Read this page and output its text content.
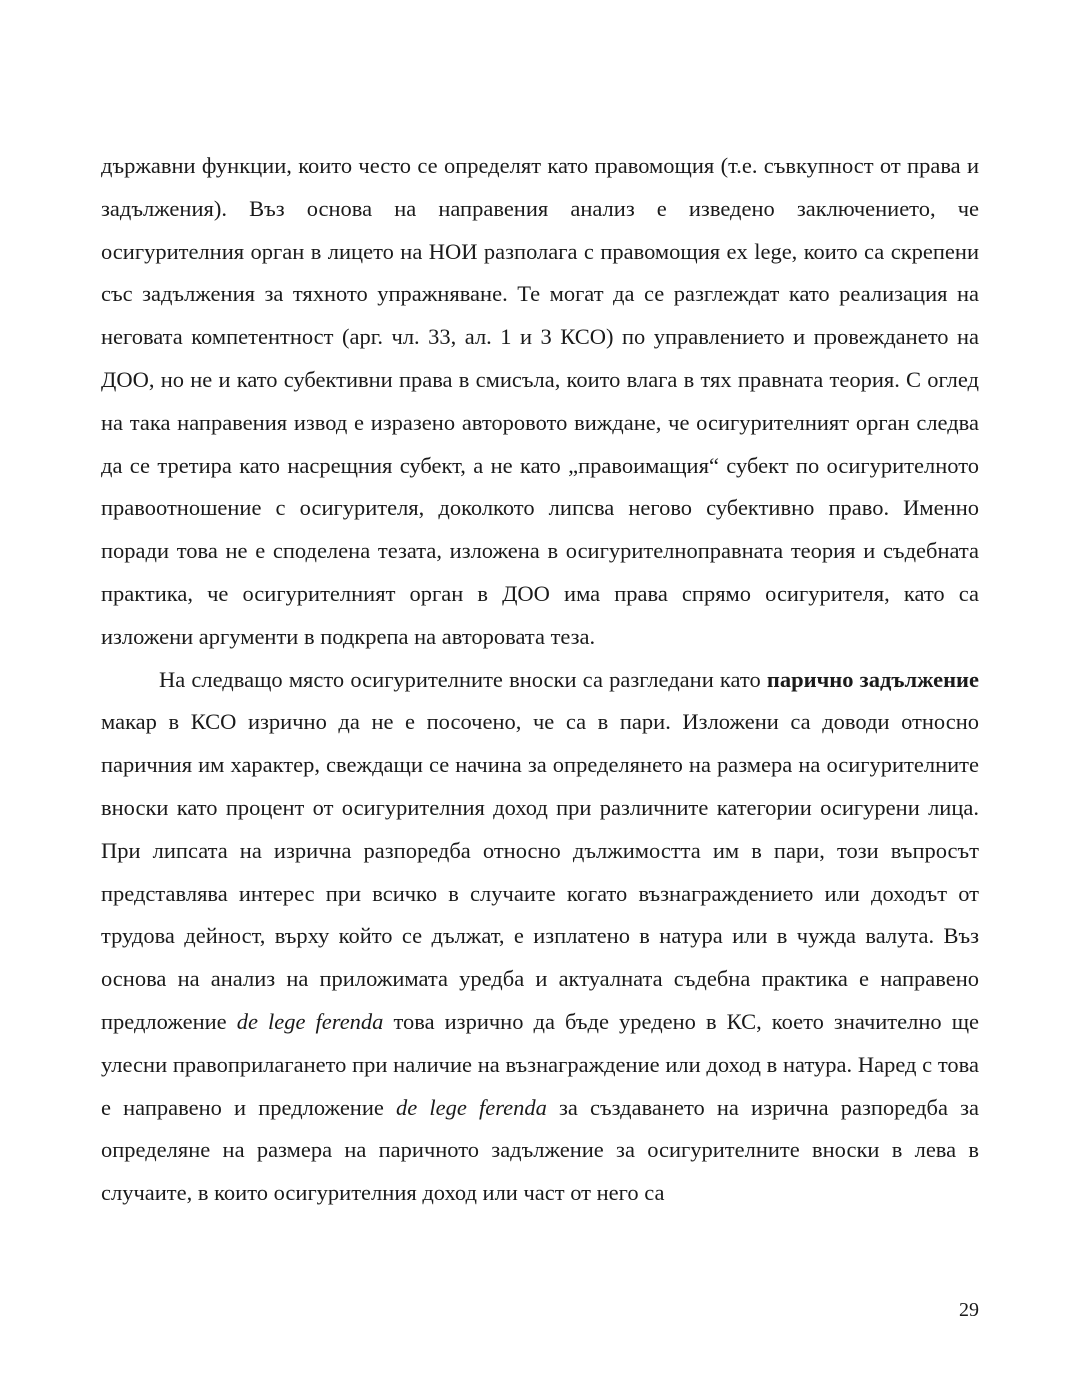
държавни функции, които често се определят като правомощия (т.е. съвкупност от права и задължения). Въз основа на направения анализ е изведено заключението, че осигурителния орган в лицето на НОИ разполага с правомощия ex lege, които са скрепени със задължения за тяхното упражняване. Те могат да се разглеждат като реализация на неговата компетентност (арг. чл. 33, ал. 1 и 3 КСО) по управлението и провеждането на ДОО, но не и като субективни права в смисъла, които влага в тях правната теория. С оглед на така направения извод е изразено авторовото виждане, че осигурителният орган следва да се третира като насрещния субект, а не като „правоимащия“ субект по осигурителното правоотношение с осигурителя, доколкото липсва негово субективно право. Именно поради това не е споделена тезата, изложена в осигурителноправната теория и съдебната практика, че осигурителният орган в ДОО има права спрямо осигурителя, като са изложени аргументи в подкрепа на авторовата теза.

На следващо място осигурителните вноски са разгледани като парично задължение макар в КСО изрично да не е посочено, че са в пари. Изложени са доводи относно паричния им характер, свеждащи се начина за определянето на размера на осигурителните вноски като процент от осигурителния доход при различните категории осигурени лица. При липсата на изрична разпоредба относно дължимостта им в пари, този въпросът представлява интерес при всичко в случаите когато възнаграждението или доходът от трудова дейност, върху който се дължат, е изплатено в натура или в чужда валута. Въз основа на анализ на приложимата уредба и актуалната съдебна практика е направено предложение de lege ferenda това изрично да бъде уредено в КС, което значително ще улесни правоприлагането при наличие на възнаграждение или доход в натура. Наред с това е направено и предложение de lege ferenda за създаването на изрична разпоредба за определяне на размера на паричното задължение за осигурителните вноски в лева в случаите, в които осигурителния доход или част от него са

29
